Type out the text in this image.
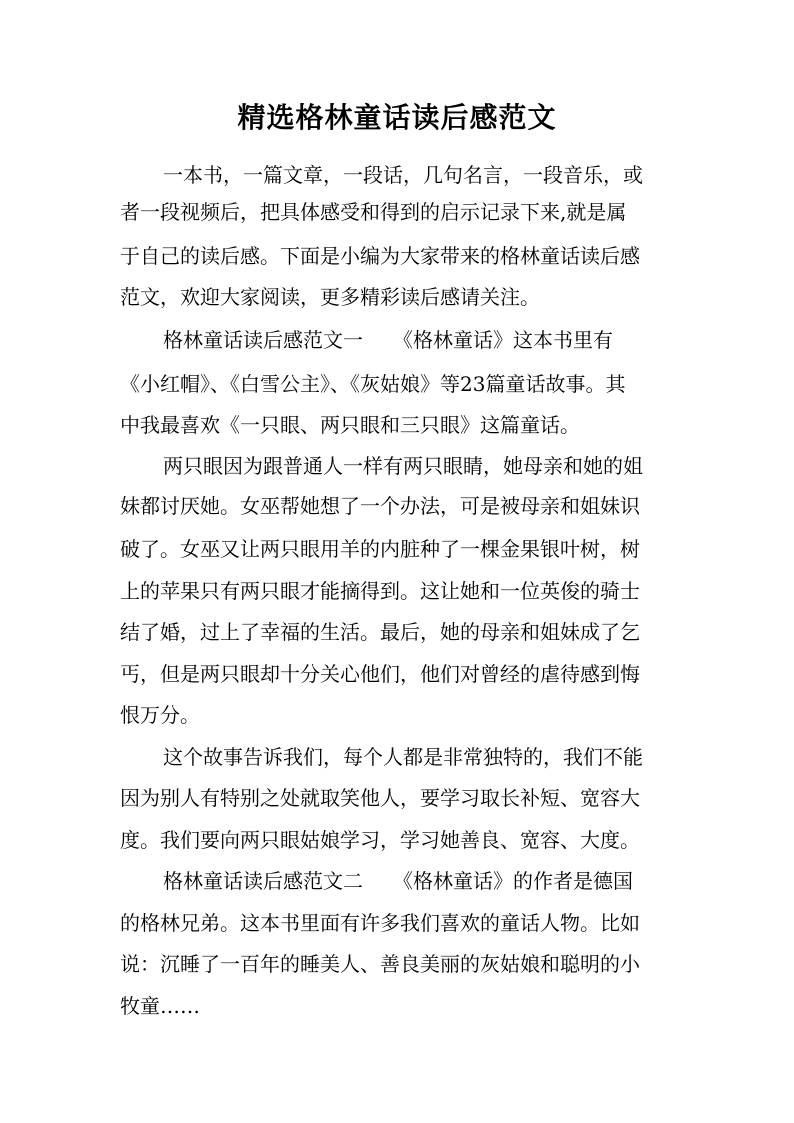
精选格林童话读后感范文

一本书，一篇文章，一段话，几句名言，一段音乐，或

者一段视频后，把具体感受和得到的启示记录下来,就是属

于自己的读后感。下面是小编为大家带来的格林童话读后感

范文，欢迎大家阅读，更多精彩读后感请关注。

格林童话读后感范文一　　《格林童话》这本书里有

《小红帽》、《白雪公主》、《灰姑娘》等23篇童话故事。其

中我最喜欢《一只眼、两只眼和三只眼》这篇童话。

两只眼因为跟普通人一样有两只眼睛，她母亲和她的姐

妹都讨厌她。女巫帮她想了一个办法，可是被母亲和姐妹识

破了。女巫又让两只眼用羊的内脏种了一棵金果银叶树，树

上的苹果只有两只眼才能摘得到。这让她和一位英俊的骑士

结了婚，过上了幸福的生活。最后，她的母亲和姐妹成了乞

丐，但是两只眼却十分关心他们，他们对曾经的虐待感到悔

恨万分。

这个故事告诉我们，每个人都是非常独特的，我们不能

因为别人有特别之处就取笑他人，要学习取长补短、宽容大

度。我们要向两只眼姑娘学习，学习她善良、宽容、大度。

格林童话读后感范文二　　《格林童话》的作者是德国

的格林兄弟。这本书里面有许多我们喜欢的童话人物。比如

说：沉睡了一百年的睡美人、善良美丽的灰姑娘和聪明的小

牧童……
